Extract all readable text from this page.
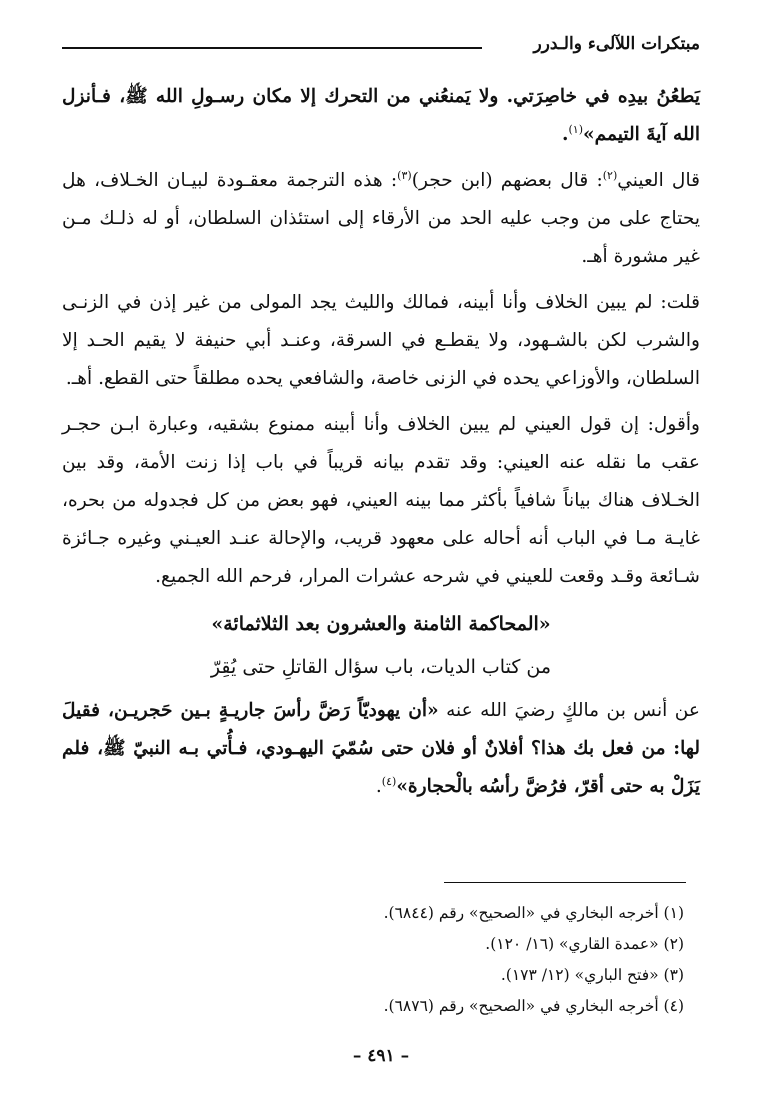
مبتكرات اللآلىء والـدرر

يَطعُنُ بيدِه في خاصِرَتي. ولا يَمنعُني من التحرك إلا مكان رسـولِ الله ﷺ، فـأنزل الله آيةَ التيمم»$^{(١)}$.

قال العيني$^{(٢)}$: قال بعضهم (ابن حجر)$^{(٣)}$: هذه الترجمة معقـودة لبيـان الخـلاف، هل يحتاج على من وجب عليه الحد من الأرقاء إلى استئذان السلطان، أو له ذلـك مـن غير مشورة أهـ.

قلت: لم يبين الخلاف وأنا أبينه، فمالك والليث يجد المولى من غير إذن في الزنـى والشرب لكن بالشـهود، ولا يقطـع في السرقة، وعنـد أبي حنيفة لا يقيم الحـد إلا السلطان، والأوزاعي يحده في الزنى خاصة، والشافعي يحده مطلقاً حتى القطع. أهـ.

وأقول: إن قول العيني لم يبين الخلاف وأنا أبينه ممنوع بشقيه، وعبارة ابـن حجـر عقب ما نقله عنه العيني: وقد تقدم بيانه قريباً في باب إذا زنت الأمة، وقد بين الخـلاف هناك بياناً شافياً بأكثر مما بينه العيني، فهو بعض من كل فجدوله من بحره، غايـة مـا في الباب أنه أحاله على معهود قريب، والإحالة عنـد العيـني وغيره جـائزة شـائعة وقـد وقعت للعيني في شرحه عشرات المرار، فرحم الله الجميع.

«المحاكمة الثامنة والعشرون بعد الثلاثمائة»
من كتاب الديات، باب سؤال القاتلِ حتى يُقِرّ

عن أنس بن مالكٍ رضيَ الله عنه «أن يهوديّاً رَضَّ رأسَ جاريـةٍ بـين حَجريـن، فقيلَ لها: من فعل بك هذا؟ أفلانٌ أو فلان حتى سُمّيَ اليهـودي، فـأُتي بـه النبيّ ﷺ، فلم يَزَلْ به حتى أقرّ، فرُضَّ رأسُه بالْحجارة»$^{(٤)}$.

(١) أخرجه البخاري في «الصحيح» رقم (٦٨٤٤).
(٢) «عمدة القاري» (١٦/ ١٢٠).
(٣) «فتح الباري» (١٢/ ١٧٣).
(٤) أخرجه البخاري في «الصحيح» رقم (٦٨٧٦).
– ٤٩١ –
